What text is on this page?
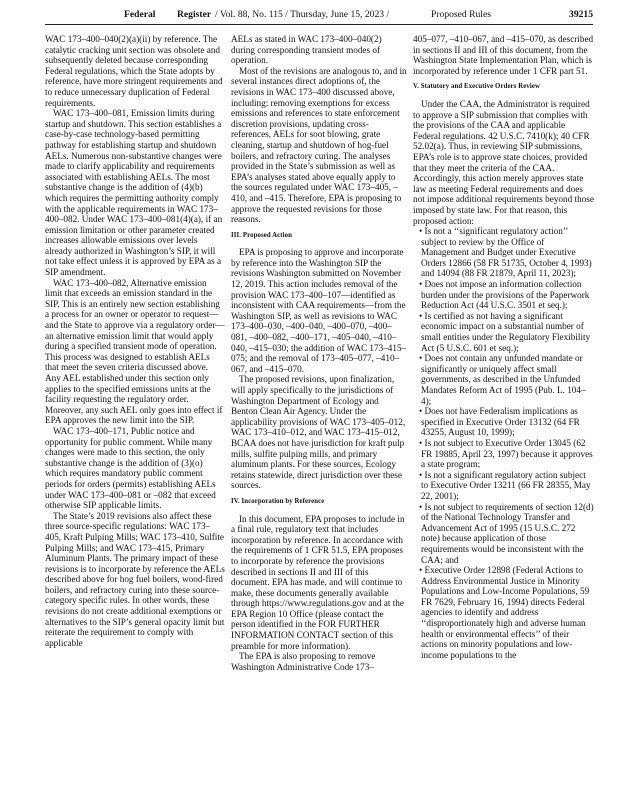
Federal Register / Vol. 88, No. 115 / Thursday, June 15, 2023 /	Proposed Rules	39215

WAC 173–400–040(2)(a)(ii) by reference. The catalytic cracking unit section was obsolete and subsequently deleted because corresponding Federal regulations, which the State adopts by reference, have more stringent requirements and to reduce unnecessary duplication of Federal requirements.

WAC 173–400–081, Emission limits during startup and shutdown. This section establishes a case-by-case technology-based permitting pathway for establishing startup and shutdown AELs. Numerous non-substantive changes were made to clarify applicability and requirements associated with establishing AELs. The most substantive change is the addition of (4)(b) which requires the permitting authority comply with the applicable requirements in WAC 173–400–082. Under WAC 173–400–081(4)(a), if an emission limitation or other parameter created increases allowable emissions over levels already authorized in Washington’s SIP, it will not take effect unless it is approved by EPA as a SIP amendment.

WAC 173–400–082, Alternative emission limit that exceeds an emission standard in the SIP. This is an entirely new section establishing a process for an owner or operator to request—and the State to approve via a regulatory order—an alternative emission limit that would apply during a specified transient mode of operation. This process was designed to establish AELs that meet the seven criteria discussed above. Any AEL established under this section only applies to the specified emissions units at the facility requesting the regulatory order. Moreover, any such AEL only goes into effect if EPA approves the new limit into the SIP.

WAC 173–400–171, Public notice and opportunity for public comment. While many changes were made to this section, the only substantive change is the addition of (3)(o) which requires mandatory public comment periods for orders (permits) establishing AELs under WAC 173–400–081 or –082 that exceed otherwise SIP applicable limits.

The State’s 2019 revisions also affect these three source-specific regulations: WAC 173–405, Kraft Pulping Mills; WAC 173–410, Sulfite Pulping Mills; and WAC 173–415, Primary Aluminum Plants. The primary impact of these revisions is to incorporate by reference the AELs described above for hog fuel boilers, wood-fired boilers, and refractory curing into these source-category specific rules. In other words, these revisions do not create additional exemptions or alternatives to the SIP’s general opacity limit but reiterate the requirement to comply with applicable

AELs as stated in WAC 173–400–040(2) during corresponding transient modes of operation.

Most of the revisions are analogous to, and in several instances direct adoptions of, the revisions in WAC 173–400 discussed above, including: removing exemptions for excess emissions and references to state enforcement discretion provisions, updating cross-references, AELs for soot blowing, grate cleaning, startup and shutdown of hog-fuel boilers, and refractory curing. The analyses provided in the State’s submission as well as EPA’s analyses stated above equally apply to the sources regulated under WAC 173–405, –410, and –415. Therefore, EPA is proposing to approve the requested revisions for those reasons.

III. Proposed Action

EPA is proposing to approve and incorporate by reference into the Washington SIP the revisions Washington submitted on November 12, 2019. This action includes removal of the provision WAC 173–400–107—identified as inconsistent with CAA requirements—from the Washington SIP, as well as revisions to WAC 173–400–030, –400–040, –400–070, –400–081, –400–082, –400–171, –405–040, –410–040, –415–030; the addition of WAC 173–415–075; and the removal of 173–405–077, –410–067, and –415–070.

The proposed revisions, upon finalization, will apply specifically to the jurisdictions of Washington Department of Ecology and Benton Clean Air Agency. Under the applicability provisions of WAC 173–405–012, WAC 173–410–012, and WAC 173–415–012, BCAA does not have jurisdiction for kraft pulp mills, sulfite pulping mills, and primary aluminum plants. For these sources, Ecology retains statewide, direct jurisdiction over these sources.

IV. Incorporation by Reference

In this document, EPA proposes to include in a final rule, regulatory text that includes incorporation by reference. In accordance with the requirements of 1 CFR 51.5, EPA proposes to incorporate by reference the provisions described in sections II and III of this document. EPA has made, and will continue to make, these documents generally available through https://www.regulations.gov and at the EPA Region 10 Office (please contact the person identified in the FOR FURTHER INFORMATION CONTACT section of this preamble for more information).

The EPA is also proposing to remove Washington Administrative Code 173–

405–077, –410–067, and –415–070, as described in sections II and III of this document, from the Washington State Implementation Plan, which is incorporated by reference under 1 CFR part 51.

V. Statutory and Executive Orders Review

Under the CAA, the Administrator is required to approve a SIP submission that complies with the provisions of the CAA and applicable Federal regulations. 42 U.S.C. 7410(k); 40 CFR 52.02(a). Thus, in reviewing SIP submissions, EPA’s role is to approve state choices, provided that they meet the criteria of the CAA. Accordingly, this action merely approves state law as meeting Federal requirements and does not impose additional requirements beyond those imposed by state law. For that reason, this proposed action:

• Is not a ‘‘significant regulatory action’’ subject to review by the Office of Management and Budget under Executive Orders 12866 (58 FR 51735, October 4, 1993) and 14094 (88 FR 21879, April 11, 2023);

• Does not impose an information collection burden under the provisions of the Paperwork Reduction Act (44 U.S.C. 3501 et seq.);

• Is certified as not having a significant economic impact on a substantial number of small entities under the Regulatory Flexibility Act (5 U.S.C. 601 et seq.);

• Does not contain any unfunded mandate or significantly or uniquely affect small governments, as described in the Unfunded Mandates Reform Act of 1995 (Pub. L. 104–4);

• Does not have Federalism implications as specified in Executive Order 13132 (64 FR 43255, August 10, 1999);

• Is not subject to Executive Order 13045 (62 FR 19885, April 23, 1997) because it approves a state program;

• Is not a significant regulatory action subject to Executive Order 13211 (66 FR 28355, May 22, 2001);

• Is not subject to requirements of section 12(d) of the National Technology Transfer and Advancement Act of 1995 (15 U.S.C. 272 note) because application of those requirements would be inconsistent with the CAA; and

• Executive Order 12898 (Federal Actions to Address Environmental Justice in Minority Populations and Low-Income Populations, 59 FR 7629, February 16, 1994) directs Federal agencies to identify and address ‘‘disproportionately high and adverse human health or environmental effects’’ of their actions on minority populations and low-income populations to the
